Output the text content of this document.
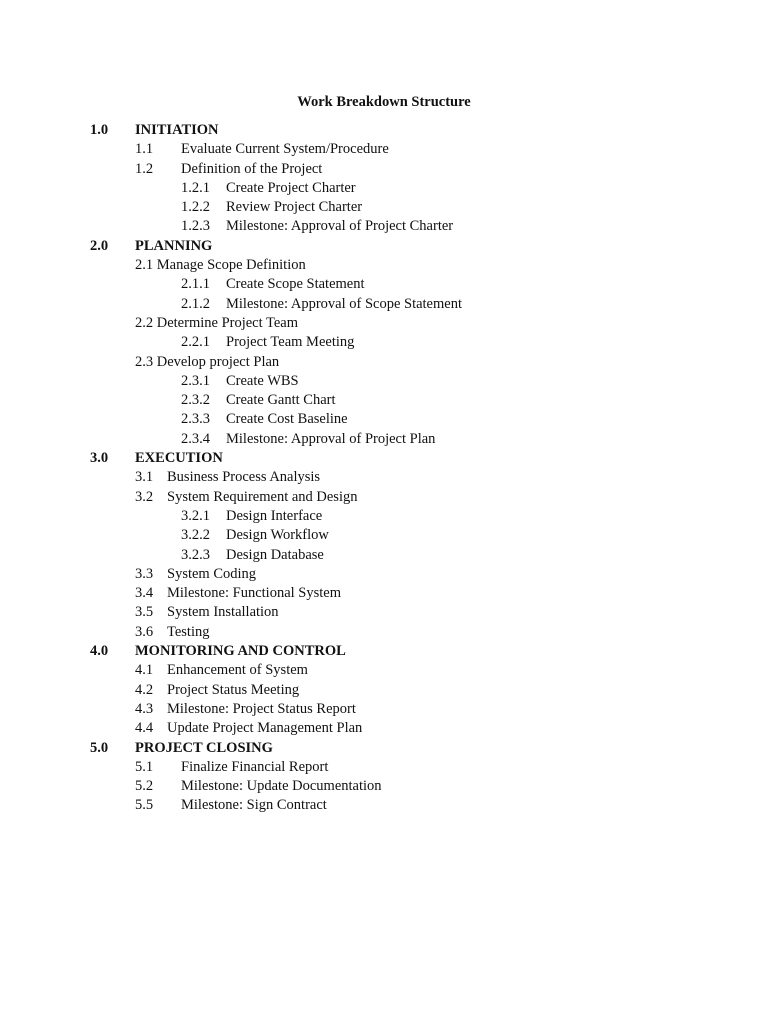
Work Breakdown Structure
1.0 INITIATION
1.1 Evaluate Current System/Procedure
1.2 Definition of the Project
1.2.1 Create Project Charter
1.2.2 Review Project Charter
1.2.3 Milestone: Approval of Project Charter
2.0 PLANNING
2.1 Manage Scope Definition
2.1.1 Create Scope Statement
2.1.2 Milestone: Approval of Scope Statement
2.2 Determine Project Team
2.2.1 Project Team Meeting
2.3 Develop project Plan
2.3.1 Create WBS
2.3.2 Create Gantt Chart
2.3.3 Create Cost Baseline
2.3.4 Milestone: Approval of Project Plan
3.0 EXECUTION
3.1 Business Process Analysis
3.2 System Requirement and Design
3.2.1 Design Interface
3.2.2 Design Workflow
3.2.3 Design Database
3.3 System Coding
3.4 Milestone: Functional System
3.5 System Installation
3.6 Testing
4.0 MONITORING AND CONTROL
4.1 Enhancement of System
4.2 Project Status Meeting
4.3 Milestone: Project Status Report
4.4 Update Project Management Plan
5.0 PROJECT CLOSING
5.1 Finalize Financial Report
5.2 Milestone: Update Documentation
5.5 Milestone: Sign Contract
